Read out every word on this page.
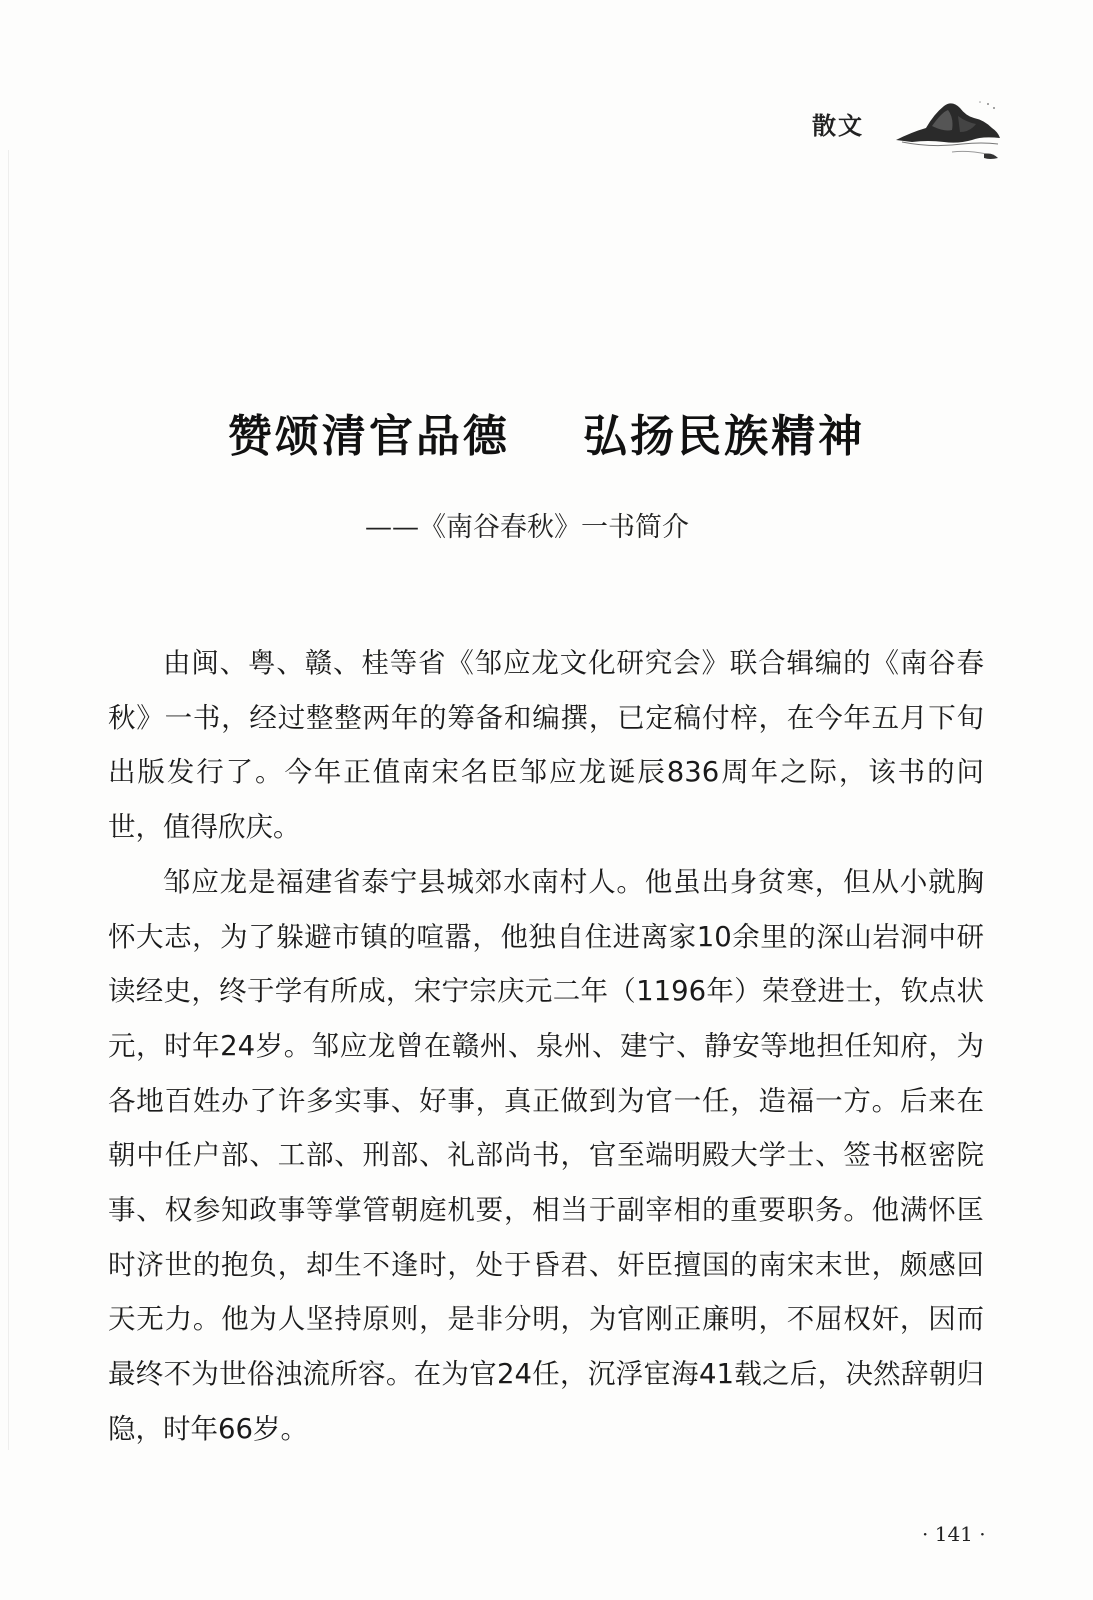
散文
赞颂清官品德    弘扬民族精神
——《南谷春秋》一书简介

由闽、粤、赣、桂等省《邹应龙文化研究会》联合辑编的《南谷春秋》一书，经过整整两年的筹备和编撰，已定稿付梓，在今年五月下旬出版发行了。今年正值南宋名臣邹应龙诞辰836周年之际，该书的问世，值得欣庆。

邹应龙是福建省泰宁县城郊水南村人。他虽出身贫寒，但从小就胸怀大志，为了躲避市镇的喧嚣，他独自住进离家10余里的深山岩洞中研读经史，终于学有所成，宋宁宗庆元二年（1196年）荣登进士，钦点状元，时年24岁。邹应龙曾在赣州、泉州、建宁、静安等地担任知府，为各地百姓办了许多实事、好事，真正做到为官一任，造福一方。后来在朝中任户部、工部、刑部、礼部尚书，官至端明殿大学士、签书枢密院事、权参知政事等掌管朝庭机要，相当于副宰相的重要职务。他满怀匡时济世的抱负，却生不逢时，处于昏君、奸臣擅国的南宋末世，颇感回天无力。他为人坚持原则，是非分明，为官刚正廉明，不屈权奸，因而最终不为世俗浊流所容。在为官24任，沉浮宦海41载之后，决然辞朝归隐，时年66岁。

· 141 ·
